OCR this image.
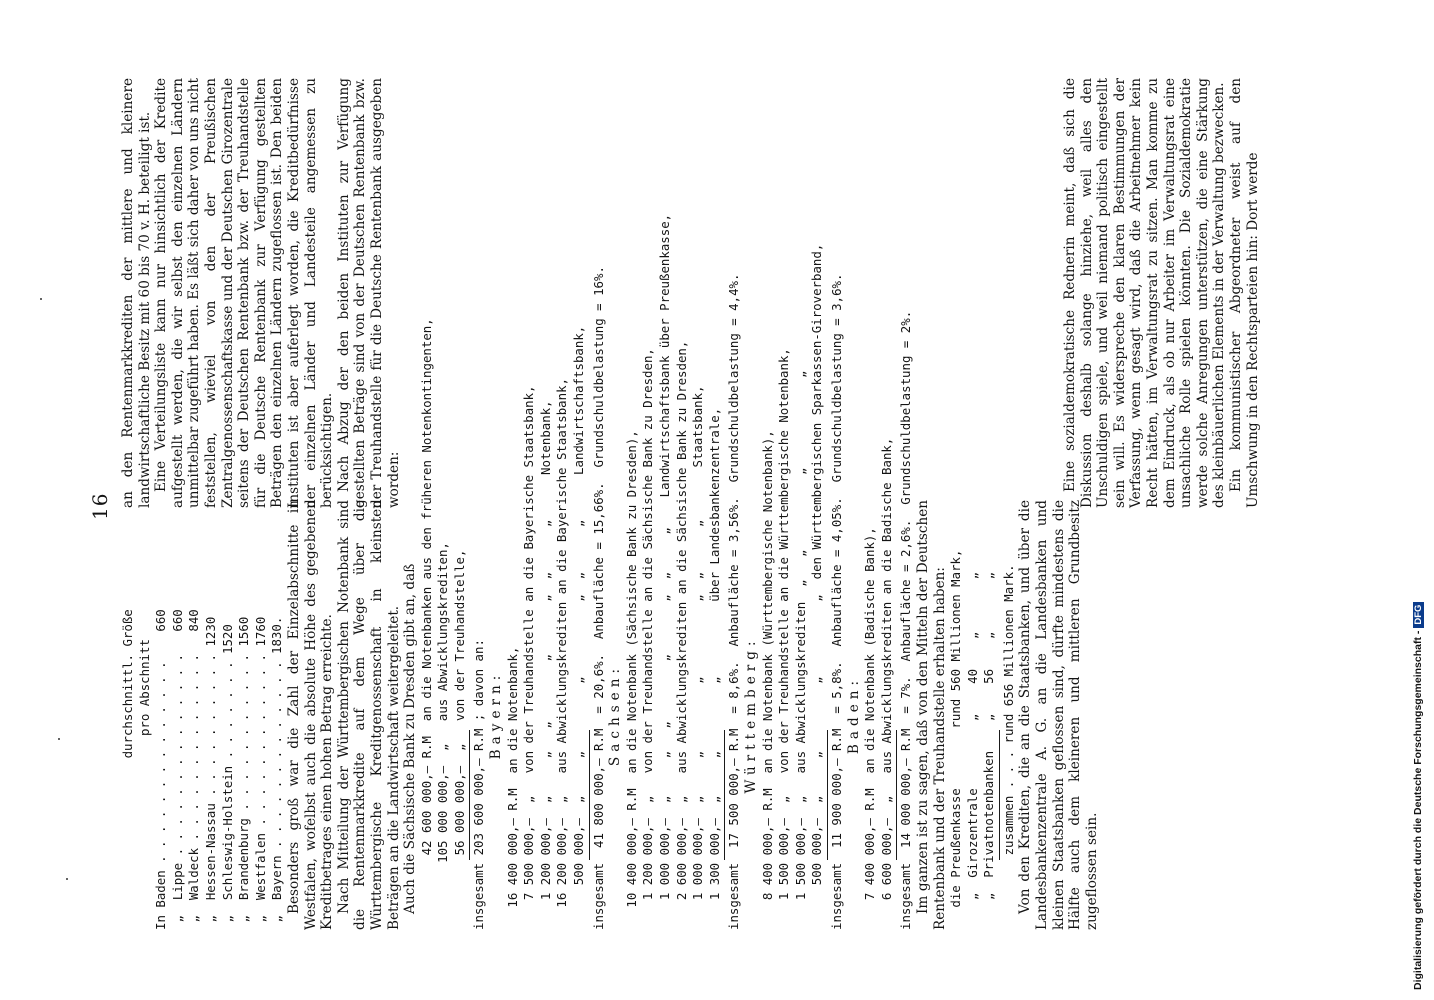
16
durchschnittl. Größe pro Abschnitt In Baden . . . . . . . . . . . . . .    660 „  Lippe . . . . . . . . . . . . . .   660 „  Waldeck . . . . . . . . . . . . .   840 „  Hessen-Nassau . . . . . . . . . . 1230 „  Schleswig-Holstein . . . . . . . 1520 „  Brandenburg . . . . . . . . . . . 1560 „  Westfalen . . . . . . . . . . . . 1760 „  Bayern . . . . . . . . . . . . . 1830. Besonders groß war die Zahl der Einzelabschnitte in Westfalen, wofelbst auch die absolute Höhe des gegebenen Kreditbetrages einen hohen Betrag erreichte. Nach Mitteilung der Württembergischen Notenbank sind die Rentenmarkkredite auf dem Wege über die Württembergische Kreditgenossenschaft in kleinsten Beträgen an die Landwirtschaft weitergeleitet. Auch die Sächsische Bank zu Dresden gibt an, daß 42 600 000,— R.M  an die Notenbanken aus den früheren Notenkontingenten, 105 000 000,—  „   aus Abwicklungskrediten, 56 000 000,—  „   von der Treuhandstelle, insgesamt 203 600 000,— R.M ; davon an: Bayern: 16 400 000,— R.M  an die Notenbank, 7 500 000,—  „   von der Treuhandstelle an die Bayerische Staatsbank, 1 200 000,—  „     „   „        „       „  „      „      Notenbank, 16 200 000,—  „   aus Abwicklungskrediten an die Bayerische Staatsbank, 500 000,—  „     „         „          „  „      „      Landwirtschaftsbank, insgesamt  41 800 000,— R.M  = 20,6%.  Anbaufläche = 15,66%.  Grundschuldbelastung = 16%. Sachsen: 10 400 000,— R.M  an die Notenbank (Sächsische Bank zu Dresden), 1 200 000,—  „   von der Treuhandstelle an die Sächsische Bank zu Dresden, 1 000 000,—  „     „   „        „       „  „     „    Landwirtschaftsbank über Preußenkasse, 2 600 000,—  „   aus Abwicklungskrediten an die Sächsische Bank zu Dresden, 1 000 000,—  „     „         „          „  „      „       Staatsbank, 1 300 000,—  „     „         „          über Landesbankenzentrale, insgesamt  17 500 000,— R.M  = 8,6%.  Anbaufläche = 3,56%.  Grundschuldbelastung = 4,4%. Württemberg: 8 400 000,— R.M  an die Notenbank (Württembergische Notenbank), 1 500 000,—  „   von der Treuhandstelle an die Württembergische Notenbank, 1 500 000,—  „   aus Abwicklungskrediten  „   „          „            „ 500 000,—  „     „         „          „  den Württembergischen Sparkassen-Giroverband, insgesamt  11 900 000,— R.M  = 5,8%.  Anbaufläche = 4,05%.  Grundschuldbelastung = 3,6%. Baden: 7 400 000,— R.M  an die Notenbank (Badische Bank), 6 600 000,—  „   aus Abwicklungskrediten an die Badische Bank, insgesamt  14 000 000,— R.M  = 7%.  Anbaufläche = 2,6%.  Grundschuldbelastung = 2%. Im ganzen ist zu sagen, daß von den Mitteln der Deutschen Rentenbank und der Treuhandstelle erhalten haben: die Preußenkasse        rund 560 Millionen Mark, „  Girozentrale         „    40    „       „ „  Privatnotenbanken    „    56    „       „ zusammen . . . rund 656 Millionen Mark. Von den Krediten, die an die Staatsbanken, und über die Landesbankenzentrale A. G. an die Landesbanken und kleinen Staatsbanken geflossen sind, dürfte mindestens die Hälfte auch dem kleineren und mittleren Grundbesitz zugeflossen sein.

an den Rentenmarkkrediten der mittlere und kleinere landwirtschaftliche Besitz mit 60 bis 70 v. H. beteiligt ist. Eine Verteilungsliste kann nur hinsichtlich der Kredite aufgestellt werden, die wir selbst den einzelnen Ländern unmittelbar zugeführt haben. Es läßt sich daher von uns nicht feststellen, wieviel von den der Preußischen Zentralgenossenschaftskasse und der Deutschen Girozentrale seitens der Deutschen Rentenbank bzw. der Treuhandstelle für die Deutsche Rentenbank zur Verfügung gestellten Beträgen den einzelnen Ländern zugeflossen ist. Den beiden Instituten ist aber auferlegt worden, die Kreditbedürfnisse der einzelnen Länder und Landesteile angemessen zu berücksichtigen. Nach Abzug der den beiden Instituten zur Verfügung gestellten Beträge sind von der Deutschen Rentenbank bzw. der Treuhandstelle für die Deutsche Rentenbank ausgegeben worden:	Eine sozialdemokratische Rednerin meint, daß sich die Diskussion deshalb solange hinziehe, weil alles den Unschuldigen spiele, und weil niemand politisch eingestellt sein will. Es widerspreche den klaren Bestimmungen der Verfassung, wenn gesagt wird, daß die Arbeitnehmer kein Recht hätten, im Verwaltungsrat zu sitzen. Man komme zu dem Eindruck, als ob nur Arbeiter im Verwaltungsrat eine unsachliche Rolle spielen könnten. Die Sozialdemokratie werde solche Anregungen unterstützen, die eine Stärkung des kleinbäuerlichen Elements in der Verwaltung bezwecken. Ein kommunistischer Abgeordneter weist auf den Umschwung in den Rechtsparteien hin: Dort werde

Digitalisierung gefördert durch die Deutsche Forschungsgemeinschaft -DFG
